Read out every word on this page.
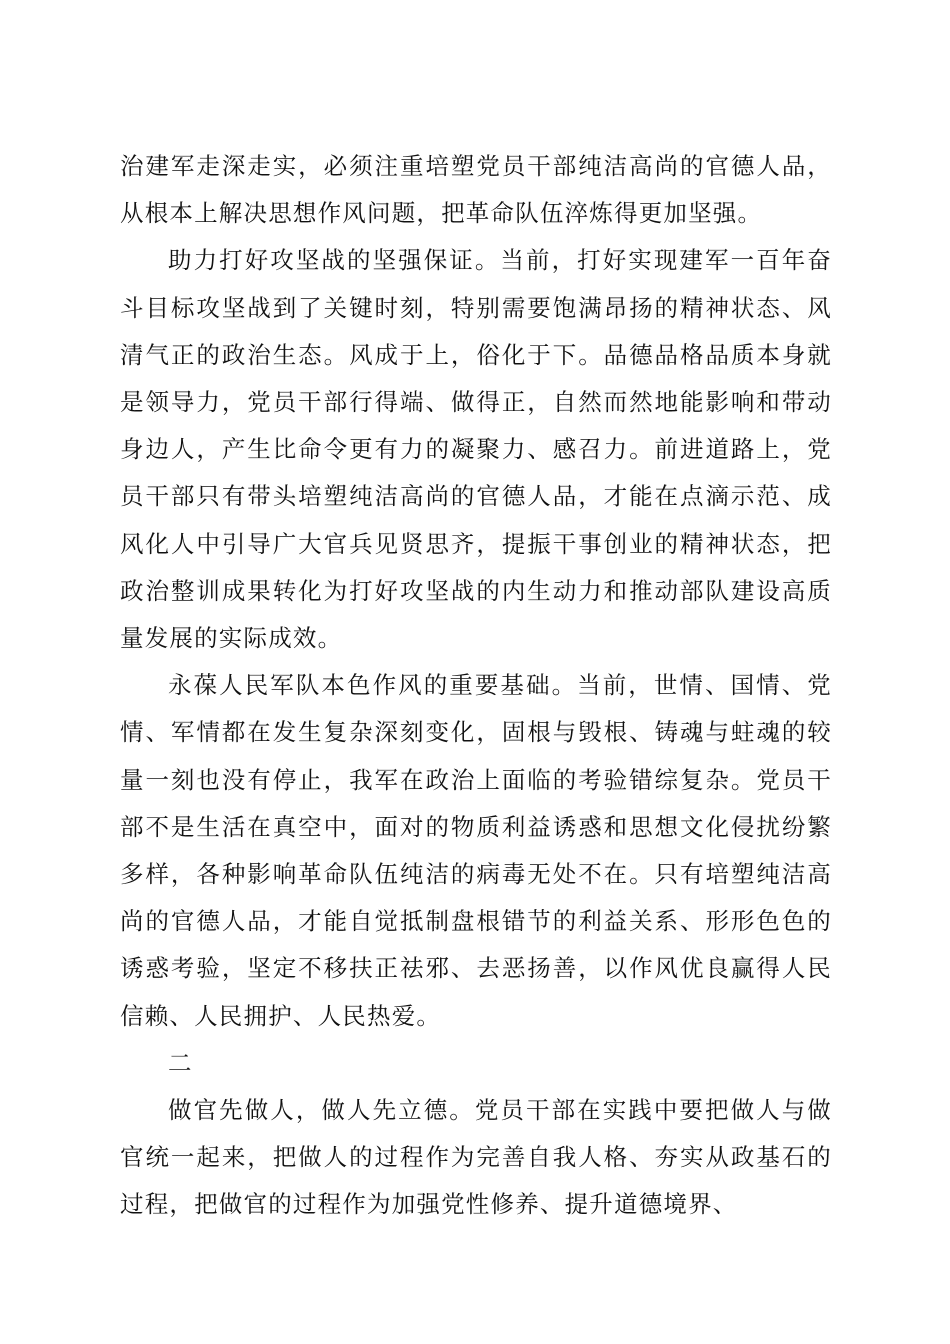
治建军走深走实，必须注重培塑党员干部纯洁高尚的官德人品，从根本上解决思想作风问题，把革命队伍淬炼得更加坚强。

助力打好攻坚战的坚强保证。当前，打好实现建军一百年奋斗目标攻坚战到了关键时刻，特别需要饱满昂扬的精神状态、风清气正的政治生态。风成于上，俗化于下。品德品格品质本身就是领导力，党员干部行得端、做得正，自然而然地能影响和带动身边人，产生比命令更有力的凝聚力、感召力。前进道路上，党员干部只有带头培塑纯洁高尚的官德人品，才能在点滴示范、成风化人中引导广大官兵见贤思齐，提振干事创业的精神状态，把政治整训成果转化为打好攻坚战的内生动力和推动部队建设高质量发展的实际成效。

永葆人民军队本色作风的重要基础。当前，世情、国情、党情、军情都在发生复杂深刻变化，固根与毁根、铸魂与蛀魂的较量一刻也没有停止，我军在政治上面临的考验错综复杂。党员干部不是生活在真空中，面对的物质利益诱惑和思想文化侵扰纷繁多样，各种影响革命队伍纯洁的病毒无处不在。只有培塑纯洁高尚的官德人品，才能自觉抵制盘根错节的利益关系、形形色色的诱惑考验，坚定不移扶正祛邪、去恶扬善，以作风优良赢得人民信赖、人民拥护、人民热爱。

二

做官先做人，做人先立德。党员干部在实践中要把做人与做官统一起来，把做人的过程作为完善自我人格、夯实从政基石的过程，把做官的过程作为加强党性修养、提升道德境界、
